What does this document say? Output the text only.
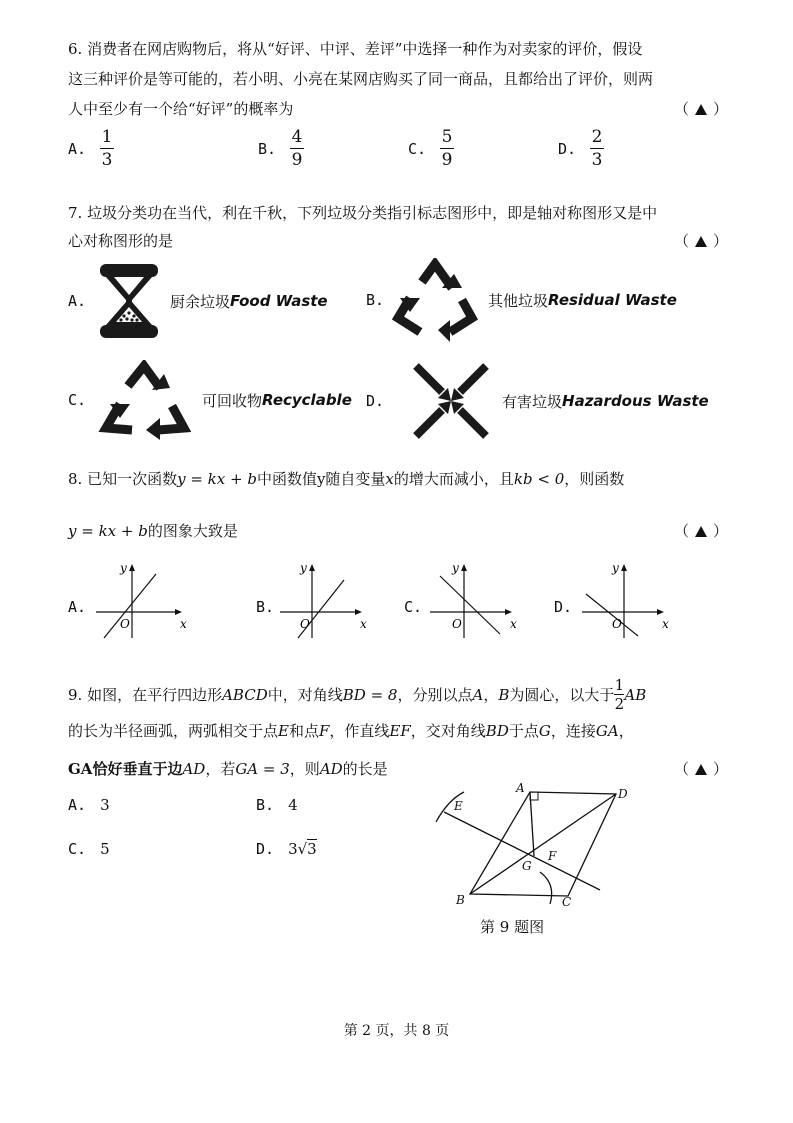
6. 消费者在网店购物后，将从“好评、中评、差评”中选择一种作为对卖家的评价，假设
这三种评价是等可能的，若小明、小亮在某网店购买了同一商品，且都给出了评价，则两
人中至少有一个给“好评”的概率为	（ ）
A. $\frac{1}{3}$	B. $\frac{4}{9}$	C. $\frac{5}{9}$	D. $\frac{2}{3}$
7. 垃圾分类功在当代，利在千秋，下列垃圾分类指引标志图形中，即是轴对称图形又是中
心对称图形的是	（ ）
A.	厨余垃圾 Food Waste	B.	其他垃圾 Residual Waste
C.	可回收物 Recyclable D.	有害垃圾 Hazardous Waste
8. 已知一次函数y = kx + b中函数值y随自变量x的增大而减小，且kb < 0，则函数
y = kx + b的图象大致是	（ ）
A.
y
x
O
B.
y
x
O
C.
y
x
O
D.
y
x
O
9. 如图，在平行四边形 ABCD 中，对角线 BD = 8 ，分别以点 A ， B 为圆心，以大于 $\frac{1}{2}$ AB
的长为半径画弧，两弧相交于点E和点F，作直线EF，交对角线BD于点G，连接GA，
GA恰好垂直于边AD，若GA = 3，则AD的长是	（ ）
A. 3	B. 4
C. 5	D. 3√3
A	D
B	C
E
F
G
第 9 题图
第 2 页，共 8 页
